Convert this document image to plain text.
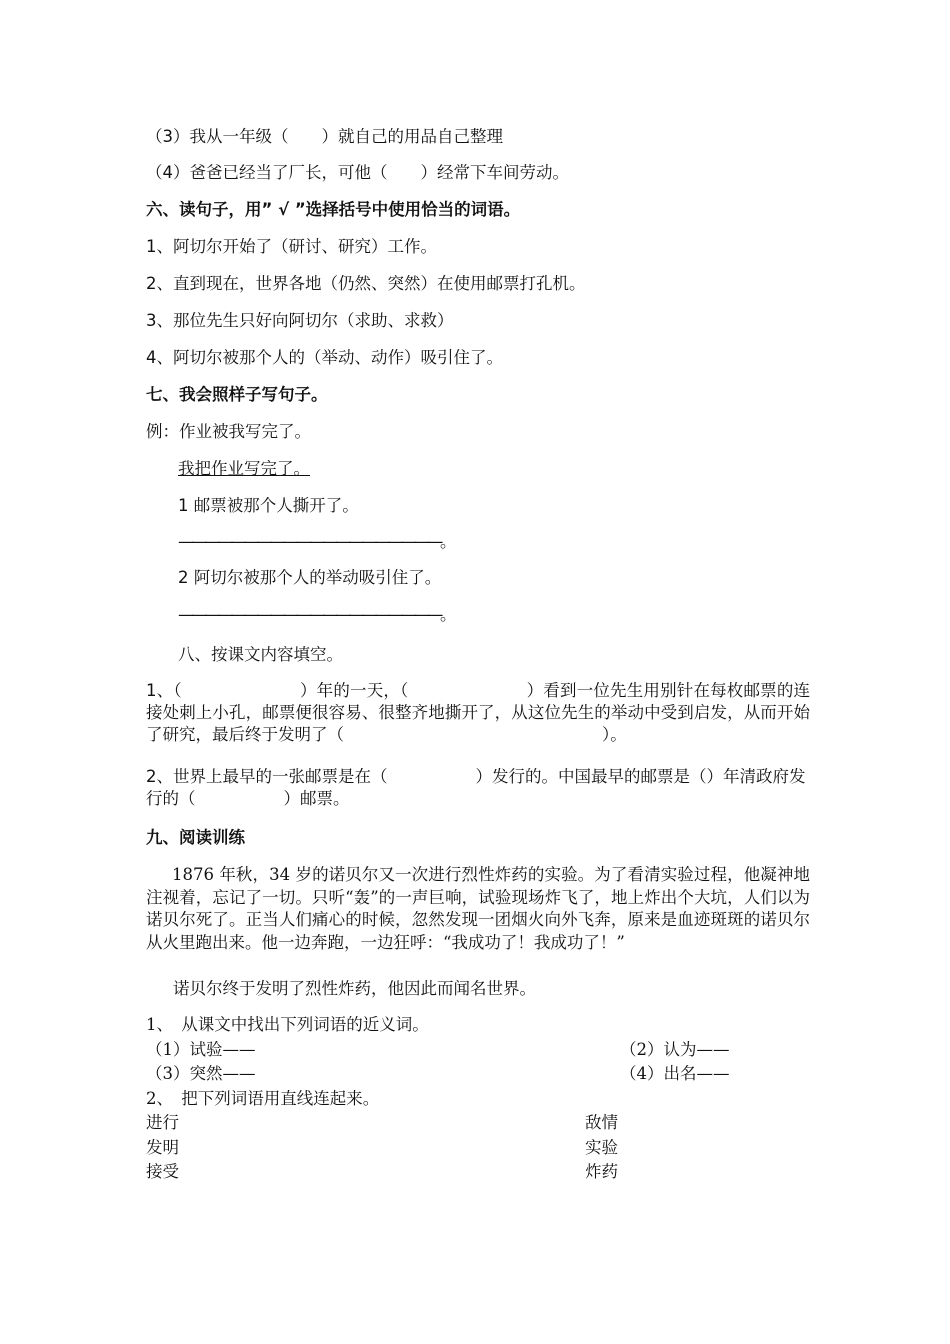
（3）我从一年级（　　）就自己的用品自己整理

（4）爸爸已经当了厂长，可他（　　）经常下车间劳动。

六、读句子，用” √ ”选择括号中使用恰当的词语。

1、阿切尔开始了（研讨、研究）工作。

2、直到现在，世界各地（仍然、突然）在使用邮票打孔机。

3、那位先生只好向阿切尔（求助、求救）

4、阿切尔被那个人的（举动、动作）吸引住了。

七、我会照样子写句子。

例：作业被我写完了。

我把作业写完了。

1 邮票被那个人撕开了。

————————————————————。

2 阿切尔被那个人的举动吸引住了。

————————————————————。

八、按课文内容填空。

1、（	）年的一天，（	）看到一位先生用别针在每枚邮票的连接处刺上小孔，邮票便很容易、很整齐地撕开了，从这位先生的举动中受到启发，从而开始了研究，最后终于发明了（	）。
2、世界上最早的一张邮票是在（	）发行的。中国最早的邮票是（）年清政府发行的（	）邮票。

九、阅读训练

1876 年秋，34 岁的诺贝尔又一次进行烈性炸药的实验。为了看清实验过程，他凝神地注视着，忘记了一切。只听“轰”的一声巨响，试验现场炸飞了，地上炸出个大坑，人们以为诺贝尔死了。正当人们痛心的时候，忽然发现一团烟火向外飞奔，原来是血迹斑斑的诺贝尔从火里跑出来。他一边奔跑，一边狂呼：“我成功了！我成功了！”

诺贝尔终于发明了烈性炸药，他因此而闻名世界。

1、　从课文中找出下列词语的近义词。

（1）试验——	（2）认为——

（3）突然——	（4）出名——

2、　把下列词语用直线连起来。

进行	敌情

发明	实验

接受	炸药
